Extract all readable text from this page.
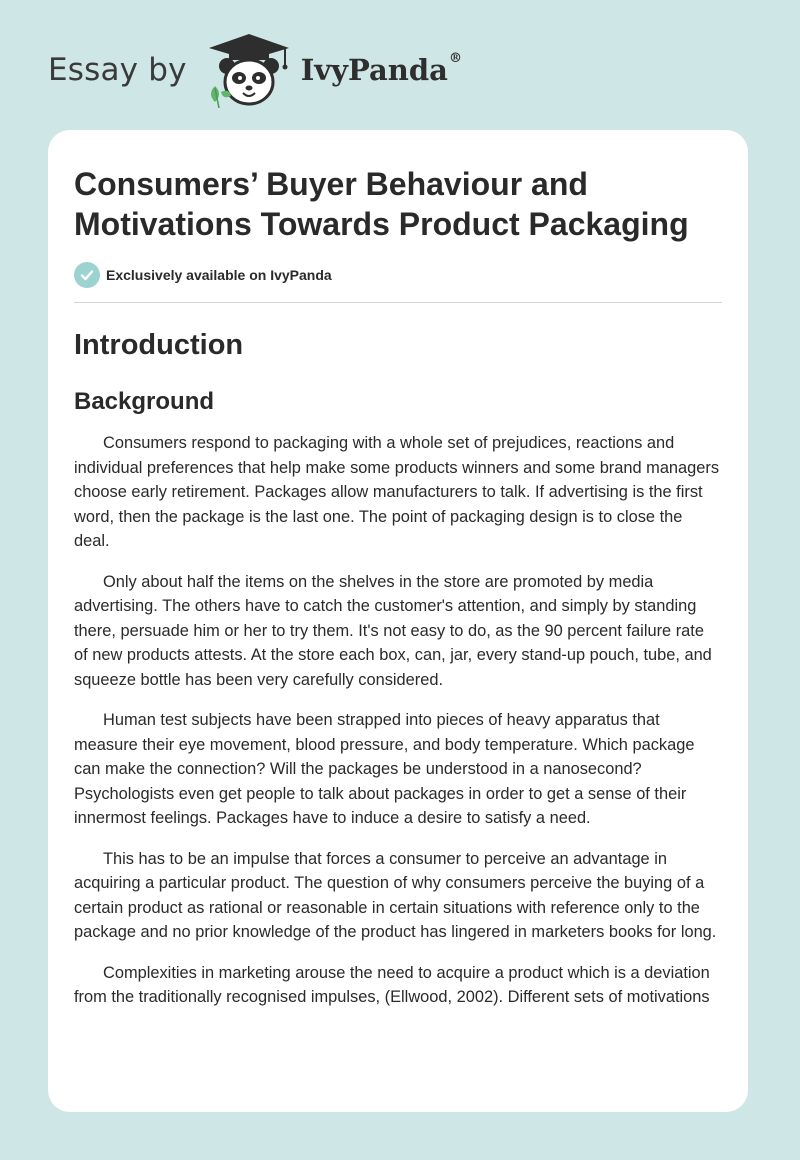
Essay by	IvyPanda®
Consumers’ Buyer Behaviour and Motivations Towards Product Packaging
Exclusively available on IvyPanda
Introduction
Background

Consumers respond to packaging with a whole set of prejudices, reactions and individual preferences that help make some products winners and some brand managers choose early retirement. Packages allow manufacturers to talk. If advertising is the first word, then the package is the last one. The point of packaging design is to close the deal.

Only about half the items on the shelves in the store are promoted by media advertising. The others have to catch the customer's attention, and simply by standing there, persuade him or her to try them. It's not easy to do, as the 90 percent failure rate of new products attests. At the store each box, can, jar, every stand-up pouch, tube, and squeeze bottle has been very carefully considered.

Human test subjects have been strapped into pieces of heavy apparatus that measure their eye movement, blood pressure, and body temperature. Which package can make the connection? Will the packages be understood in a nanosecond? Psychologists even get people to talk about packages in order to get a sense of their innermost feelings. Packages have to induce a desire to satisfy a need.

This has to be an impulse that forces a consumer to perceive an advantage in acquiring a particular product. The question of why consumers perceive the buying of a certain product as rational or reasonable in certain situations with reference only to the package and no prior knowledge of the product has lingered in marketers books for long.

Complexities in marketing arouse the need to acquire a product which is a deviation from the traditionally recognised impulses, (Ellwood, 2002). Different sets of motivations
